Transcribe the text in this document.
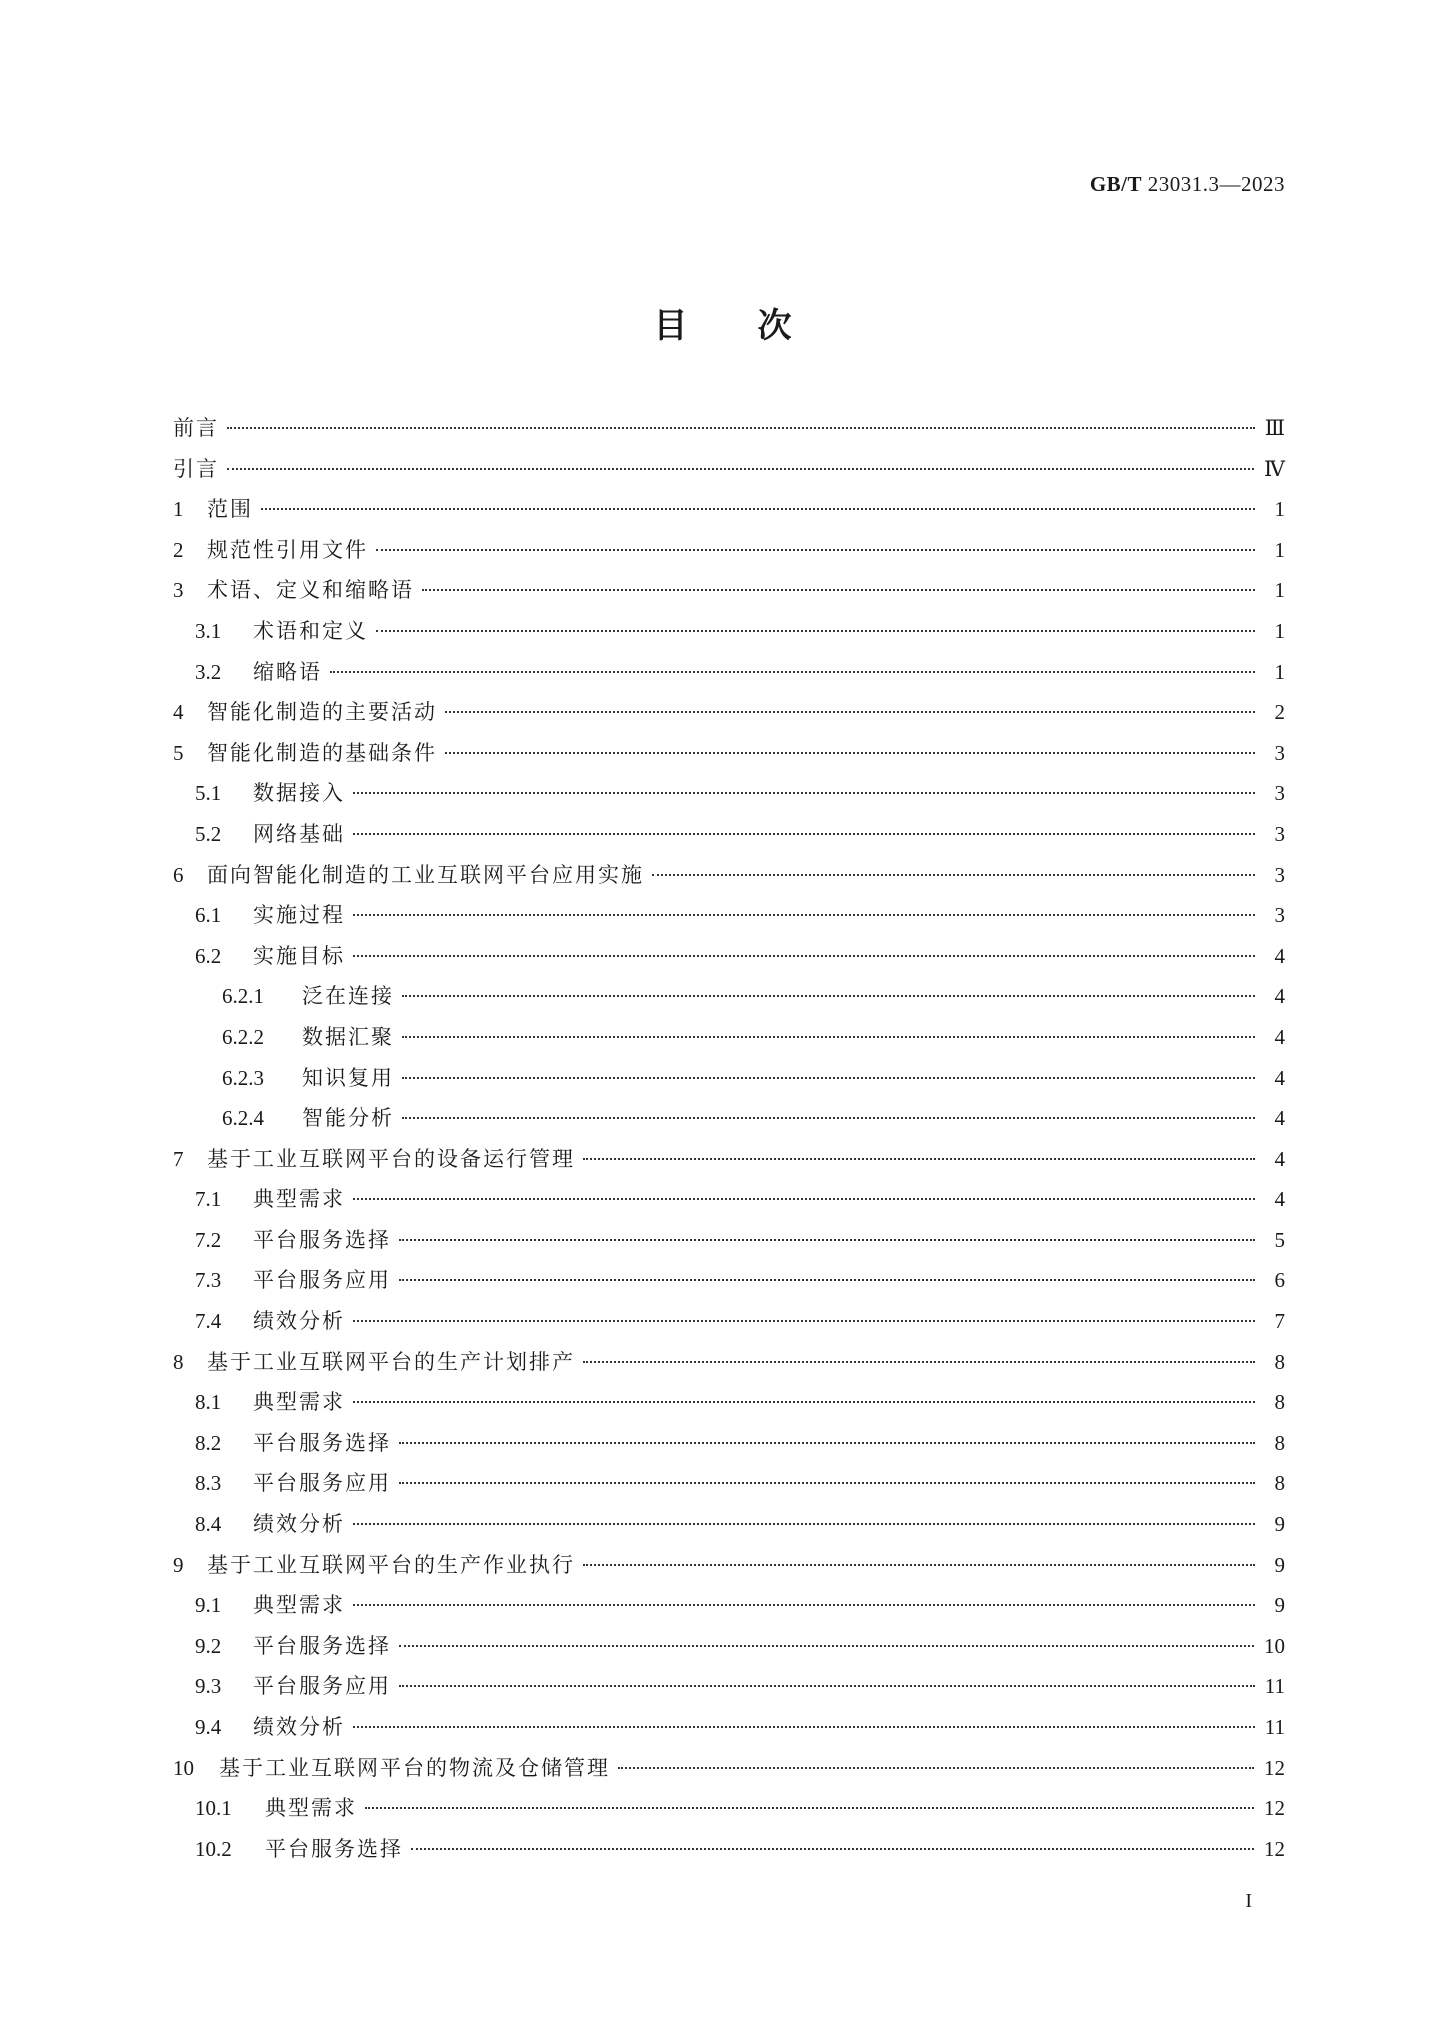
GB/T 23031.3—2023
目次
前言	Ⅲ
引言	Ⅳ
1	范围	1
2	规范性引用文件	1
3	术语、定义和缩略语	1
3.1	术语和定义	1
3.2	缩略语	1
4	智能化制造的主要活动	2
5	智能化制造的基础条件	3
5.1	数据接入	3
5.2	网络基础	3
6	面向智能化制造的工业互联网平台应用实施	3
6.1	实施过程	3
6.2	实施目标	4
6.2.1	泛在连接	4
6.2.2	数据汇聚	4
6.2.3	知识复用	4
6.2.4	智能分析	4
7	基于工业互联网平台的设备运行管理	4
7.1	典型需求	4
7.2	平台服务选择	5
7.3	平台服务应用	6
7.4	绩效分析	7
8	基于工业互联网平台的生产计划排产	8
8.1	典型需求	8
8.2	平台服务选择	8
8.3	平台服务应用	8
8.4	绩效分析	9
9	基于工业互联网平台的生产作业执行	9
9.1	典型需求	9
9.2	平台服务选择	10
9.3	平台服务应用	11
9.4	绩效分析	11
10	基于工业互联网平台的物流及仓储管理	12
10.1	典型需求	12
10.2	平台服务选择	12
I
